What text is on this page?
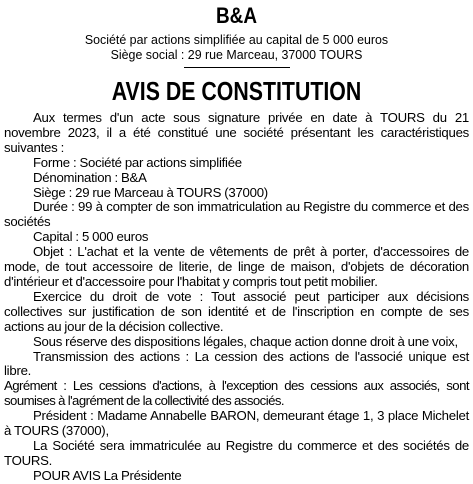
B&A
Société par actions simplifiée au capital de 5 000 euros
Siège social : 29 rue Marceau, 37000 TOURS
AVIS DE CONSTITUTION

Aux termes d'un acte sous signature privée en date à TOURS du 21 novembre 2023, il a été constitué une société présentant les caractéristiques suivantes :

Forme : Société par actions simplifiée

Dénomination : B&A

Siège : 29 rue Marceau à TOURS (37000)

Durée : 99 à compter de son immatriculation au Registre du commerce et des sociétés

Capital : 5 000 euros

Objet : L'achat et la vente de vêtements de prêt à porter, d'accessoires de mode, de tout accessoire de literie, de linge de maison, d'objets de décoration d'intérieur et d'accessoire pour l'habitat y compris tout petit mobilier.

Exercice du droit de vote : Tout associé peut participer aux décisions collectives sur justification de son identité et de l'inscription en compte de ses actions au jour de la décision collective.

Sous réserve des dispositions légales, chaque action donne droit à une voix,

Transmission des actions : La cession des actions de l'associé unique est libre.

Agrément : Les cessions d'actions, à l'exception des cessions aux associés, sont soumises à l'agrément de la collectivité des associés.

Président : Madame Annabelle BARON, demeurant étage 1, 3 place Michelet à TOURS (37000),

La Société sera immatriculée au Registre du commerce et des sociétés de TOURS.

POUR AVIS La Présidente
